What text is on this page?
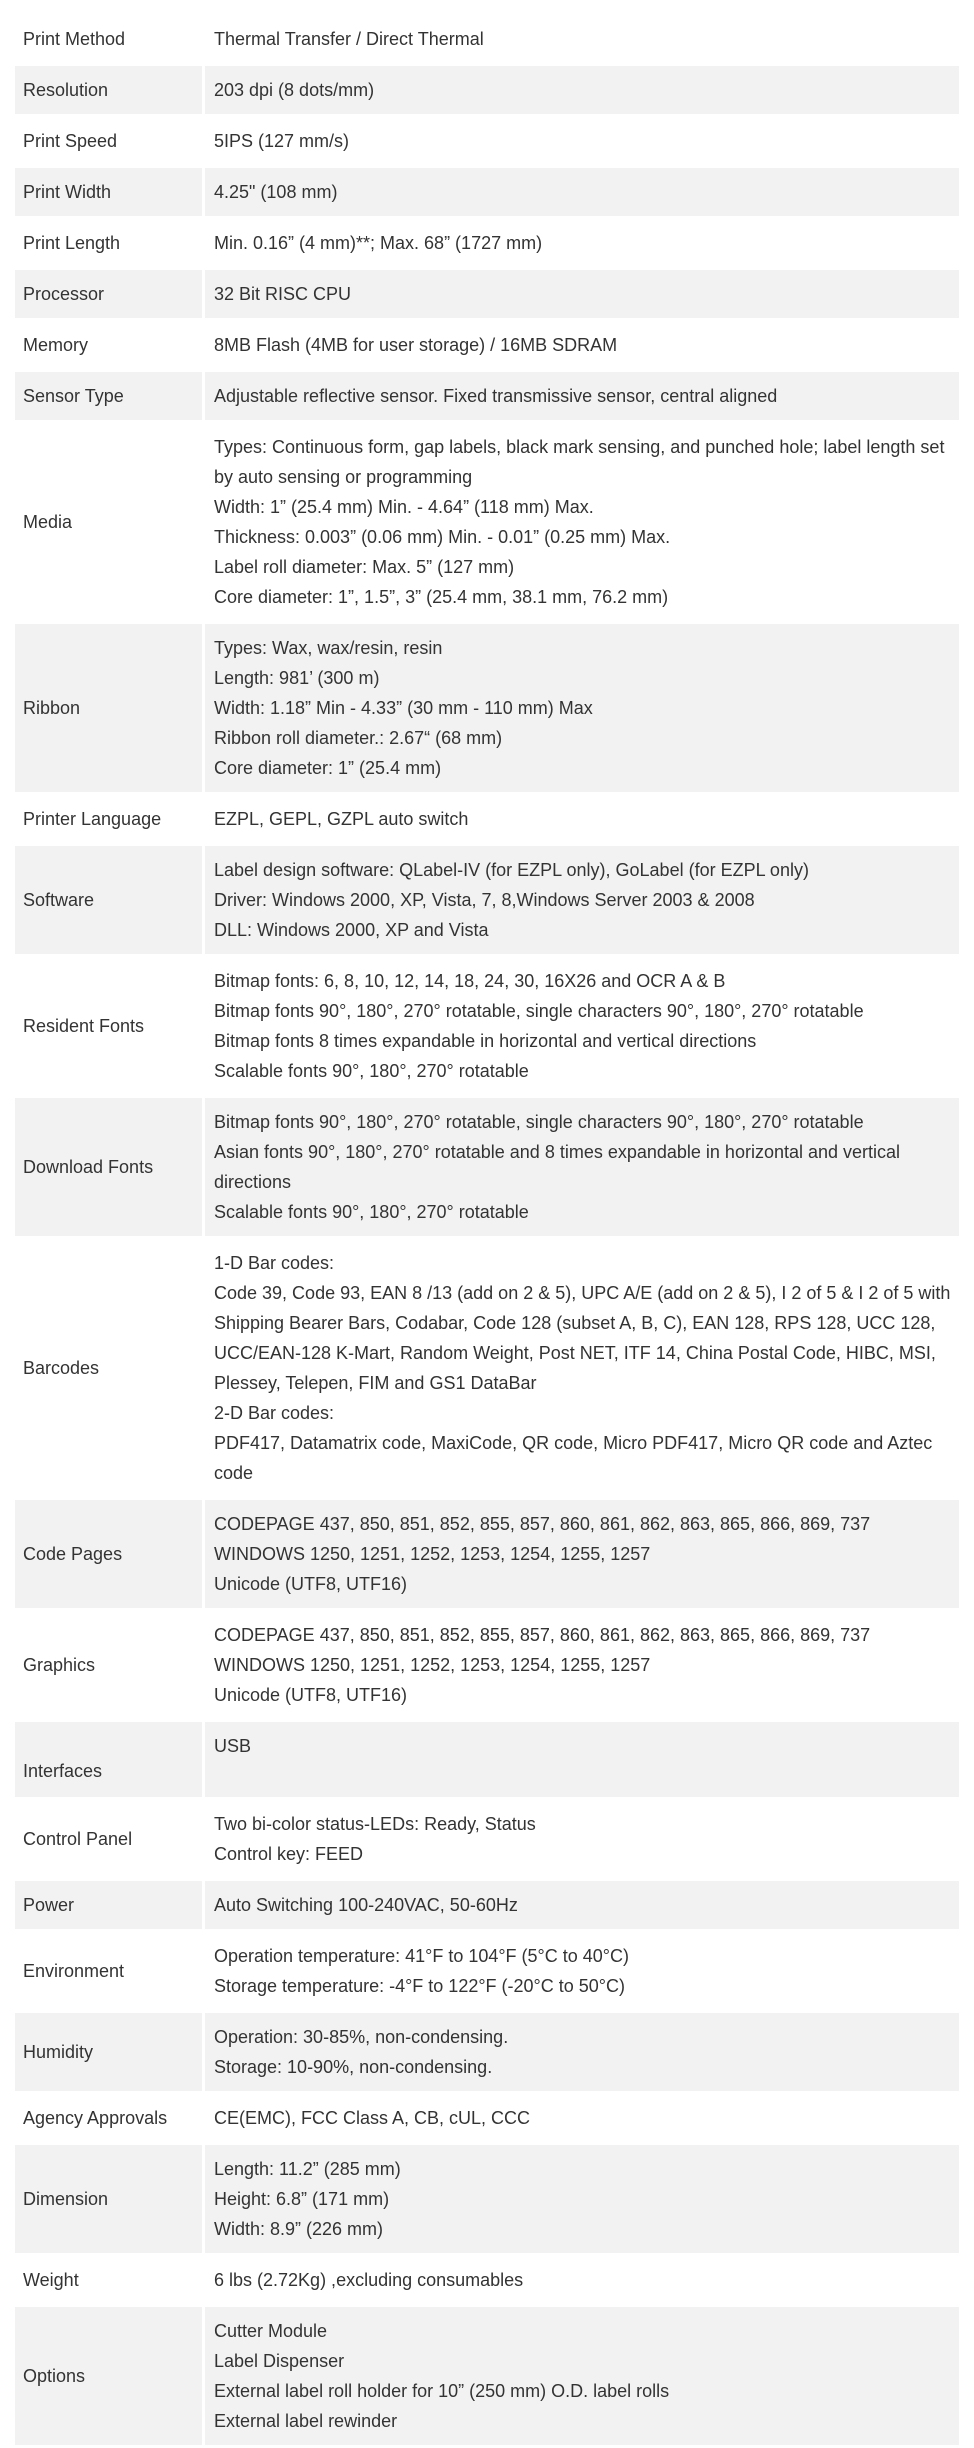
Print Method	Thermal Transfer / Direct Thermal

Resolution	203 dpi (8 dots/mm)

Print Speed	5IPS (127 mm/s)

Print Width	4.25" (108 mm)

Print Length	Min. 0.16” (4 mm)**; Max. 68” (1727 mm)

Processor	32 Bit RISC CPU

Memory	8MB Flash (4MB for user storage) / 16MB SDRAM

Sensor Type	Adjustable reflective sensor. Fixed transmissive sensor, central aligned

Media	Types: Continuous form, gap labels, black mark sensing, and punched hole; label length set by auto sensing or programming
Width: 1” (25.4 mm) Min. - 4.64” (118 mm) Max.
Thickness: 0.003” (0.06 mm) Min. - 0.01” (0.25 mm) Max.
Label roll diameter: Max. 5” (127 mm)
Core diameter: 1”, 1.5”, 3” (25.4 mm, 38.1 mm, 76.2 mm)

Ribbon	Types: Wax, wax/resin, resin
Length: 981’ (300 m)
Width: 1.18” Min - 4.33” (30 mm - 110 mm) Max
Ribbon roll diameter.: 2.67“ (68 mm)
Core diameter: 1” (25.4 mm)

Printer Language	EZPL, GEPL, GZPL auto switch

Software	Label design software: QLabel-IV (for EZPL only), GoLabel (for EZPL only)
Driver: Windows 2000, XP, Vista, 7, 8,Windows Server 2003 & 2008
DLL: Windows 2000, XP and Vista

Resident Fonts	Bitmap fonts: 6, 8, 10, 12, 14, 18, 24, 30, 16X26 and OCR A & B
Bitmap fonts 90°, 180°, 270° rotatable, single characters 90°, 180°, 270° rotatable
Bitmap fonts 8 times expandable in horizontal and vertical directions
Scalable fonts 90°, 180°, 270° rotatable

Download Fonts	Bitmap fonts 90°, 180°, 270° rotatable, single characters 90°, 180°, 270° rotatable
Asian fonts 90°, 180°, 270° rotatable and 8 times expandable in horizontal and vertical directions
Scalable fonts 90°, 180°, 270° rotatable

Barcodes	1-D Bar codes:
Code 39, Code 93, EAN 8 /13 (add on 2 & 5), UPC A/E (add on 2 & 5), I 2 of 5 & I 2 of 5 with Shipping Bearer Bars, Codabar, Code 128 (subset A, B, C), EAN 128, RPS 128, UCC 128, UCC/EAN-128 K-Mart, Random Weight, Post NET, ITF 14, China Postal Code, HIBC, MSI, Plessey, Telepen, FIM and GS1 DataBar
2-D Bar codes:
PDF417, Datamatrix code, MaxiCode, QR code, Micro PDF417, Micro QR code and Aztec code

Code Pages	CODEPAGE 437, 850, 851, 852, 855, 857, 860, 861, 862, 863, 865, 866, 869, 737
WINDOWS 1250, 1251, 1252, 1253, 1254, 1255, 1257
Unicode (UTF8, UTF16)

Graphics	CODEPAGE 437, 850, 851, 852, 855, 857, 860, 861, 862, 863, 865, 866, 869, 737
WINDOWS 1250, 1251, 1252, 1253, 1254, 1255, 1257
Unicode (UTF8, UTF16)

Interfaces	USB

Control Panel	Two bi-color status-LEDs: Ready, Status
Control key: FEED

Power	Auto Switching 100-240VAC, 50-60Hz

Environment	Operation temperature: 41°F to 104°F (5°C to 40°C)
Storage temperature: -4°F to 122°F (-20°C to 50°C)

Humidity	Operation: 30-85%, non-condensing.
Storage: 10-90%, non-condensing.

Agency Approvals	CE(EMC), FCC Class A, CB, cUL, CCC

Dimension	Length: 11.2” (285 mm)
Height: 6.8” (171 mm)
Width: 8.9” (226 mm)

Weight	6 lbs (2.72Kg) ,excluding consumables

Options	Cutter Module
Label Dispenser
External label roll holder for 10” (250 mm) O.D. label rolls
External label rewinder
